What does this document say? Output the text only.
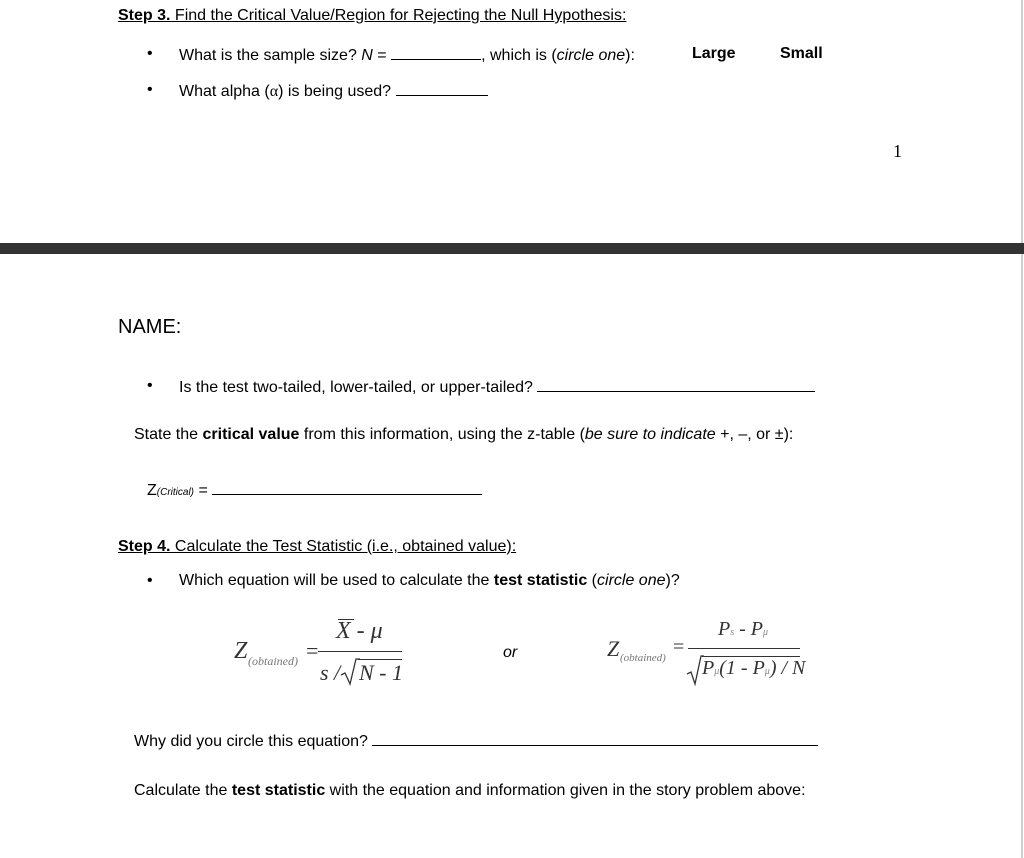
Step 3. Find the Critical Value/Region for Rejecting the Null Hypothesis:
• What is the sample size? N =	, which is (circle one):	Large	Small
• What alpha (α) is being used?
1
NAME:
• Is the test two-tailed, lower-tailed, or upper-tailed?
State the critical value from this information, using the z-table (be sure to indicate +, –, or ±):
Z(Critical) =
Step 4. Calculate the Test Statistic (i.e., obtained value):
• Which equation will be used to calculate the test statistic (circle one)?
Z (obtained) =
X - μ
s / N - 1
or	Z (obtained) =
Ps - Pμ
Pμ(1 - Pμ) / N
Why did you circle this equation?
Calculate the test statistic with the equation and information given in the story problem above:
